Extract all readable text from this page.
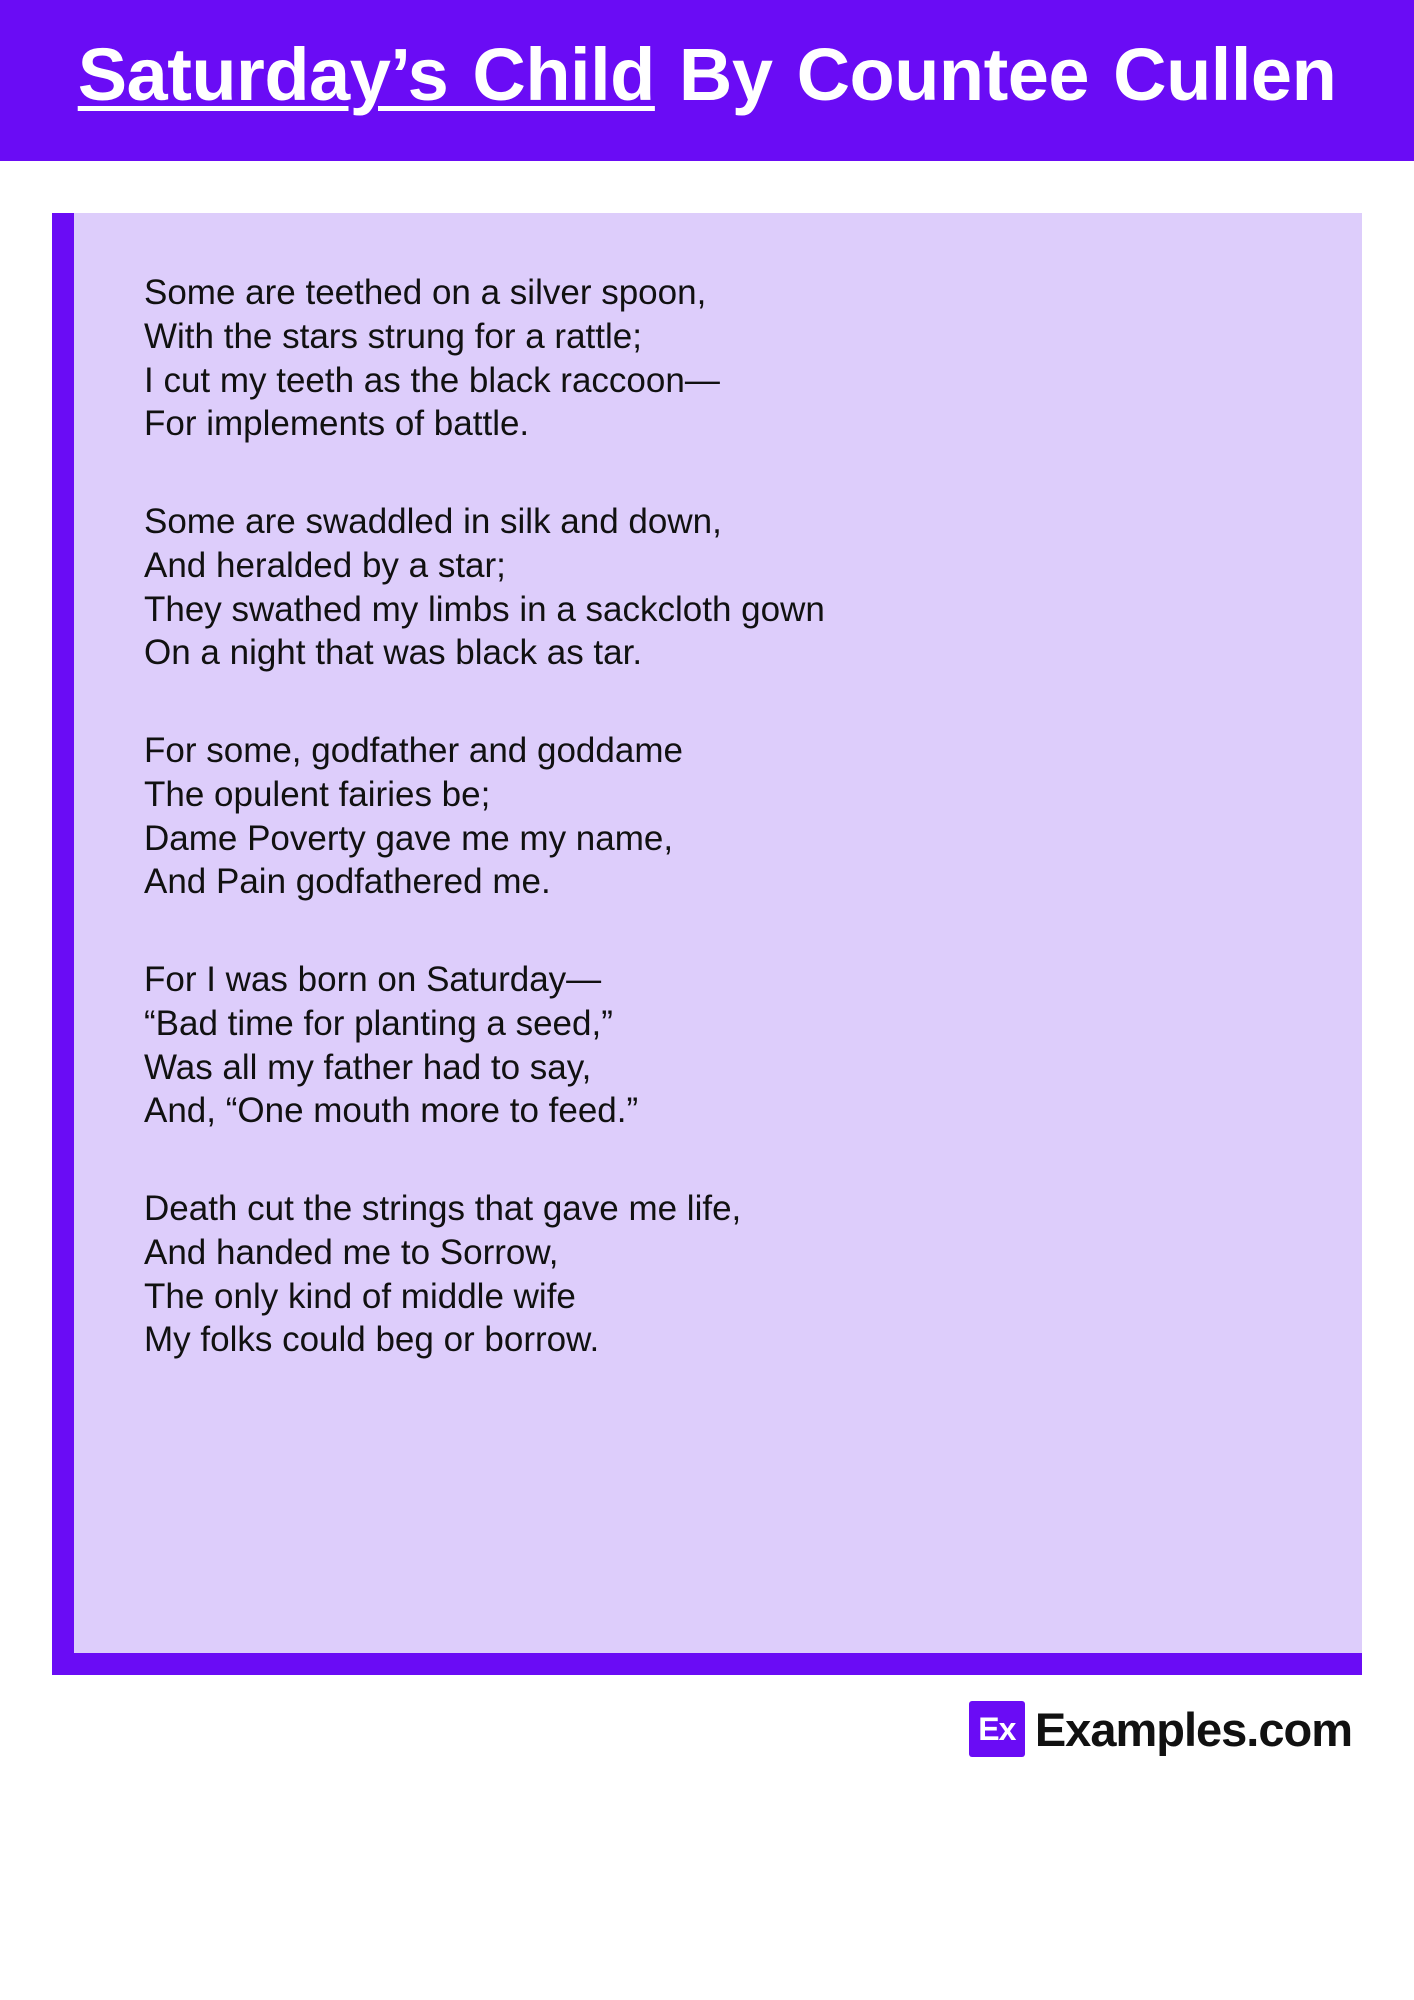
Saturday’s Child By Countee Cullen
Some are teethed on a silver spoon,
With the stars strung for a rattle;
I cut my teeth as the black raccoon—
For implements of battle.
Some are swaddled in silk and down,
And heralded by a star;
They swathed my limbs in a sackcloth gown
On a night that was black as tar.
For some, godfather and goddame
The opulent fairies be;
Dame Poverty gave me my name,
And Pain godfathered me.
For I was born on Saturday—
“Bad time for planting a seed,”
Was all my father had to say,
And, “One mouth more to feed.”
Death cut the strings that gave me life,
And handed me to Sorrow,
The only kind of middle wife
My folks could beg or borrow.
Ex Examples.com
